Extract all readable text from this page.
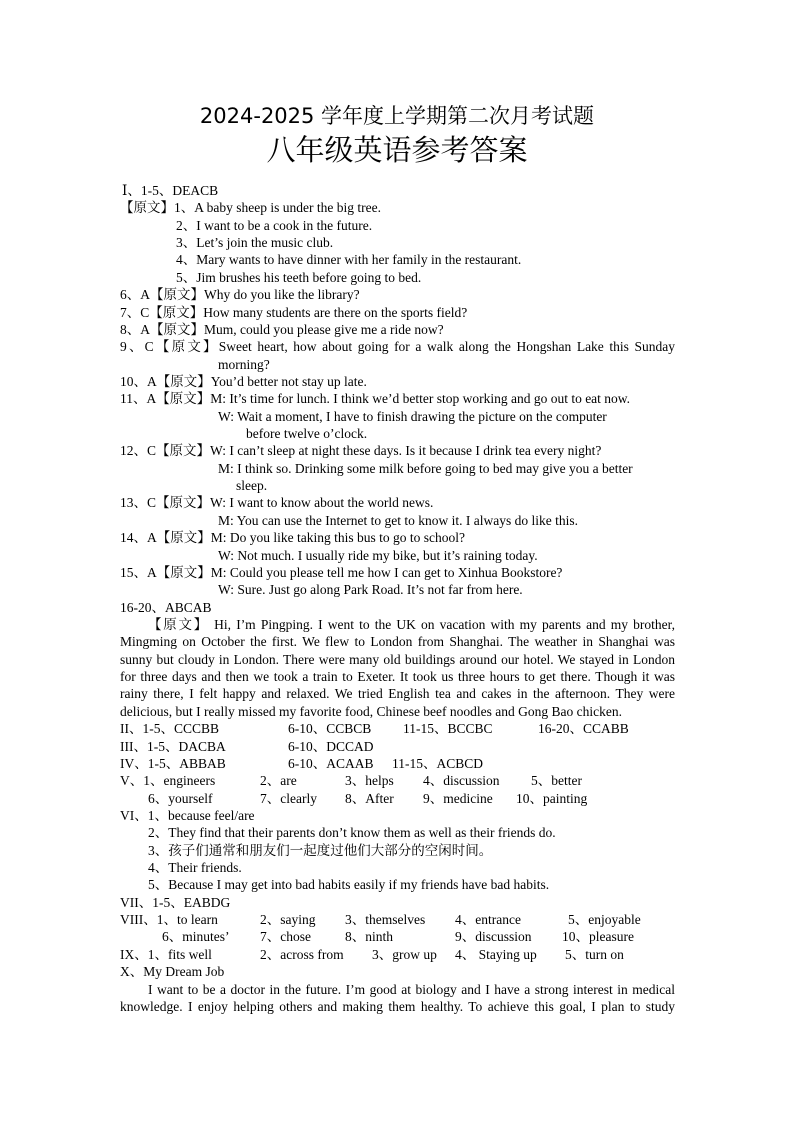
2024-2025 学年度上学期第二次月考试题
八年级英语参考答案
Ⅰ、1-5、DEACB
【原文】1、A baby sheep is under the big tree.
2、I want to be a cook in the future.
3、Let’s join the music club.
4、Mary wants to have dinner with her family in the restaurant.
5、Jim brushes his teeth before going to bed.
6、A【原文】Why do you like the library?
7、C【原文】How many students are there on the sports field?
8、A【原文】Mum, could you please give me a ride now?
9、C【原文】Sweet heart, how about going for a walk along the Hongshan Lake this Sunday
morning?
10、A【原文】You’d better not stay up late.
11、A【原文】M: It’s time for lunch. I think we’d better stop working and go out to eat now.
W: Wait a moment, I have to finish drawing the picture on the computer
before twelve o’clock.
12、C【原文】W: I can’t sleep at night these days. Is it because I drink tea every night?
M: I think so. Drinking some milk before going to bed may give you a better
sleep.
13、C【原文】W: I want to know about the world news.
M: You can use the Internet to get to know it. I always do like this.
14、A【原文】M: Do you like taking this bus to go to school?
W: Not much. I usually ride my bike, but it’s raining today.
15、A【原文】M: Could you please tell me how I can get to Xinhua Bookstore?
W: Sure. Just go along Park Road. It’s not far from here.
16-20、ABCAB
【原文】 Hi, I’m Pingping. I went to the UK on vacation with my parents and my brother,
Mingming on October the first. We flew to London from Shanghai. The weather in Shanghai was
sunny but cloudy in London. There were many old buildings around our hotel. We stayed in London
for three days and then we took a train to Exeter. It took us three hours to get there. Though it was
rainy there, I felt happy and relaxed. We tried English tea and cakes in the afternoon. They were
delicious, but I really missed my favorite food, Chinese beef noodles and Gong Bao chicken.
II、1-5、CCCBB	6-10、CCBCB 11-15、BCCBC	16-20、CCABB
III、1-5、DACBA	6-10、DCCAD
IV、1-5、ABBAB	6-10、ACAAB 11-15、ACBCD
V、1、engineers	2、are	3、helps 4、discussion 5、better
6、yourself	7、clearly 8、After 9、medicine 10、painting
VI、1、because feel/are
2、They find that their parents don’t know them as well as their friends do.
3、孩子们通常和朋友们一起度过他们大部分的空闲时间。
4、Their friends.
5、Because I may get into bad habits easily if my friends have bad habits.
VII、1-5、EABDG
VIII、1、to learn	2、saying 3、themselves 4、entrance	5、enjoyable
6、minutes’ 7、chose	8、ninth	9、discussion 10、pleasure
IX、1、fits well	2、across from 3、grow up 4、 Staying up 5、turn on
X、My Dream Job
I want to be a doctor in the future. I’m good at biology and I have a strong interest in medical
knowledge. I enjoy helping others and making them healthy. To achieve this goal, I plan to study
